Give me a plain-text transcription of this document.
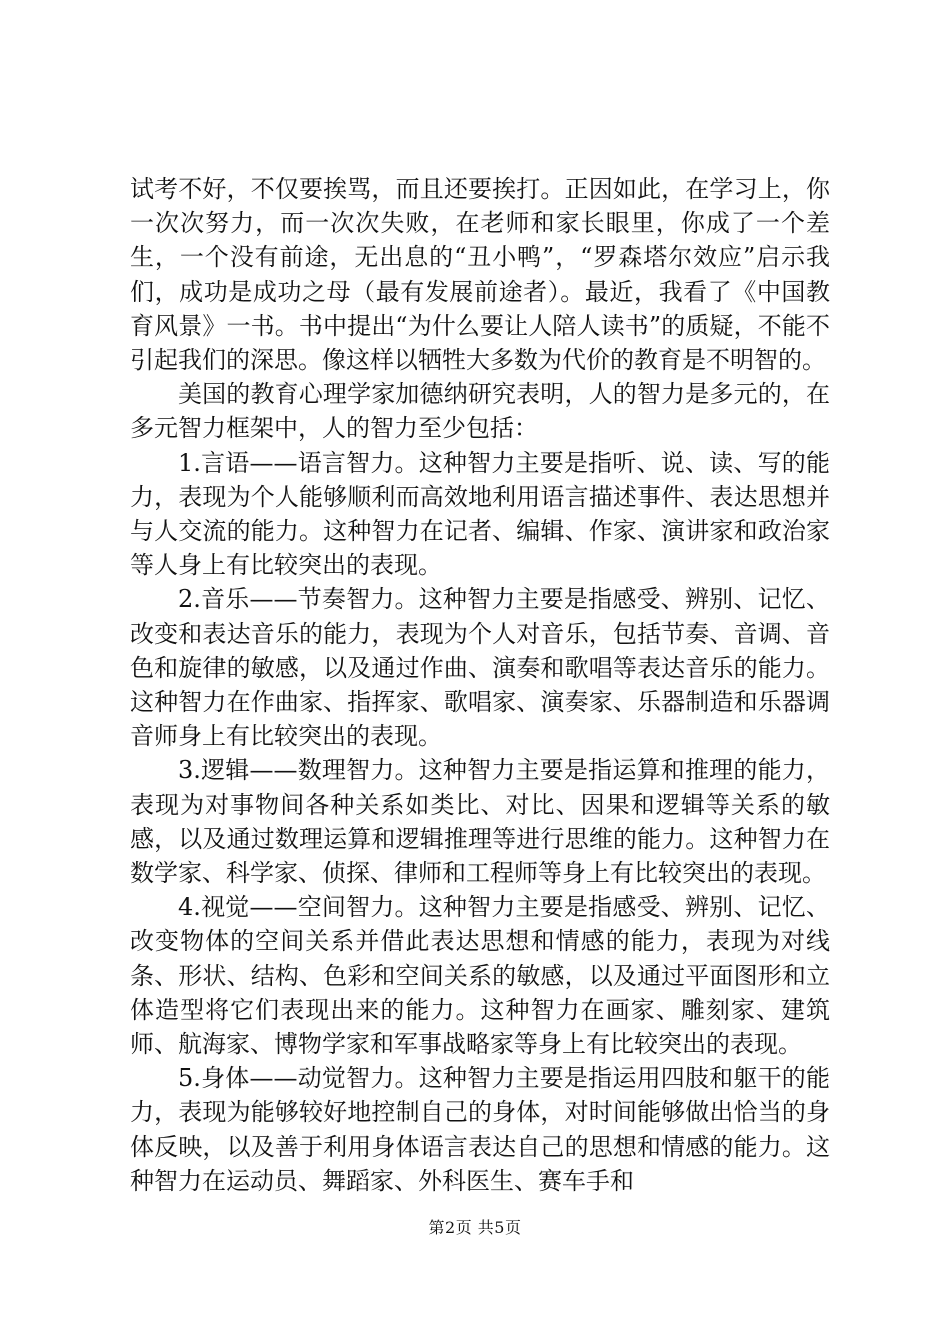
试考不好，不仅要挨骂，而且还要挨打。正因如此，在学习上，你一次次努力，而一次次失败，在老师和家长眼里，你成了一个差生，一个没有前途，无出息的“丑小鸭”，“罗森塔尔效应”启示我们，成功是成功之母（最有发展前途者）。最近，我看了《中国教育风景》一书。书中提出“为什么要让人陪人读书”的质疑，不能不引起我们的深思。像这样以牺牲大多数为代价的教育是不明智的。

美国的教育心理学家加德纳研究表明，人的智力是多元的，在多元智力框架中，人的智力至少包括：

1.言语——语言智力。这种智力主要是指听、说、读、写的能力，表现为个人能够顺利而高效地利用语言描述事件、表达思想并与人交流的能力。这种智力在记者、编辑、作家、演讲家和政治家等人身上有比较突出的表现。

2.音乐——节奏智力。这种智力主要是指感受、辨别、记忆、改变和表达音乐的能力，表现为个人对音乐，包括节奏、音调、音色和旋律的敏感，以及通过作曲、演奏和歌唱等表达音乐的能力。这种智力在作曲家、指挥家、歌唱家、演奏家、乐器制造和乐器调音师身上有比较突出的表现。

3.逻辑——数理智力。这种智力主要是指运算和推理的能力，表现为对事物间各种关系如类比、对比、因果和逻辑等关系的敏感，以及通过数理运算和逻辑推理等进行思维的能力。这种智力在数学家、科学家、侦探、律师和工程师等身上有比较突出的表现。

4.视觉——空间智力。这种智力主要是指感受、辨别、记忆、改变物体的空间关系并借此表达思想和情感的能力，表现为对线条、形状、结构、色彩和空间关系的敏感，以及通过平面图形和立体造型将它们表现出来的能力。这种智力在画家、雕刻家、建筑师、航海家、博物学家和军事战略家等身上有比较突出的表现。

5.身体——动觉智力。这种智力主要是指运用四肢和躯干的能力，表现为能够较好地控制自己的身体，对时间能够做出恰当的身体反映，以及善于利用身体语言表达自己的思想和情感的能力。这种智力在运动员、舞蹈家、外科医生、赛车手和

第2页 共5页
